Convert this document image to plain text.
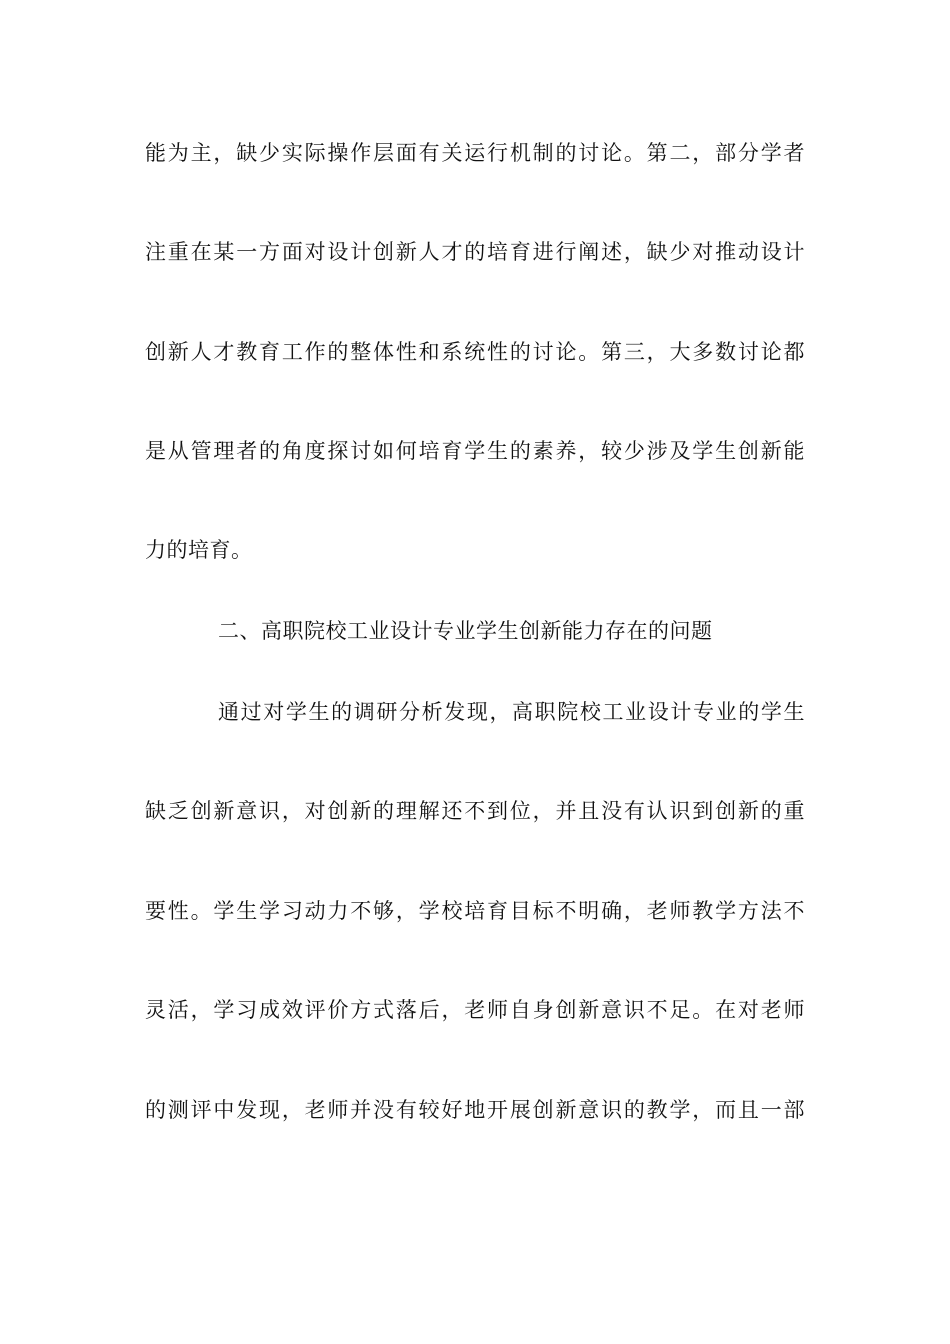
能为主，缺少实际操作层面有关运行机制的讨论。第二，部分学者
注重在某一方面对设计创新人才的培育进行阐述，缺少对推动设计
创新人才教育工作的整体性和系统性的讨论。第三，大多数讨论都
是从管理者的角度探讨如何培育学生的素养，较少涉及学生创新能
力的培育。
二、高职院校工业设计专业学生创新能力存在的问题
通过对学生的调研分析发现，高职院校工业设计专业的学生
缺乏创新意识，对创新的理解还不到位，并且没有认识到创新的重
要性。学生学习动力不够，学校培育目标不明确，老师教学方法不
灵活，学习成效评价方式落后，老师自身创新意识不足。在对老师
的测评中发现，老师并没有较好地开展创新意识的教学，而且一部
